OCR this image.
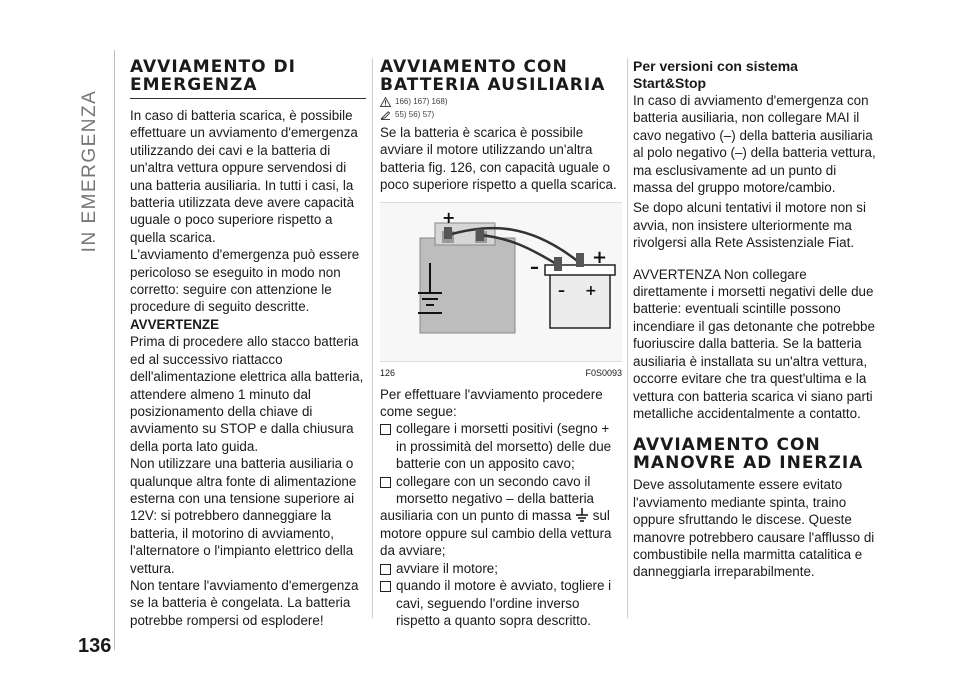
IN EMERGENZA
136
AVVIAMENTO DI
EMERGENZA

In caso di batteria scarica, è possibile effettuare un avviamento d'emergenza utilizzando dei cavi e la batteria di un'altra vettura oppure servendosi di una batteria ausiliaria. In tutti i casi, la batteria utilizzata deve avere capacità uguale o poco superiore rispetto a quella scarica.

L'avviamento d'emergenza può essere pericoloso se eseguito in modo non corretto: seguire con attenzione le procedure di seguito descritte.

AVVERTENZE

Prima di procedere allo stacco batteria ed al successivo riattacco dell'alimentazione elettrica alla batteria, attendere almeno 1 minuto dal posizionamento della chiave di avviamento su STOP e dalla chiusura della porta lato guida.

Non utilizzare una batteria ausiliaria o qualunque altra fonte di alimentazione esterna con una tensione superiore ai 12V: si potrebbero danneggiare la batteria, il motorino di avviamento, l'alternatore o l'impianto elettrico della vettura.

Non tentare l'avviamento d'emergenza se la batteria è congelata. La batteria potrebbe rompersi od esplodere!

AVVIAMENTO CON
BATTERIA AUSILIARIA
166) 167) 168)
55) 56) 57)

Se la batteria è scarica è possibile avviare il motore utilizzando un'altra batteria fig. 126, con capacità uguale o poco superiore rispetto a quella scarica.

+
– +
–	+
126	F0S0093

Per effettuare l'avviamento procedere come segue:

collegare i morsetti positivi (segno + in prossimità del morsetto) delle due batterie con un apposito cavo;

collegare con un secondo cavo il morsetto negativo – della batteria

ausiliaria con un punto di massa sul motore oppure sul cambio della vettura da avviare;

avviare il motore;

quando il motore è avviato, togliere i cavi, seguendo l'ordine inverso rispetto a quanto sopra descritto.

Per versioni con sistema
Start&Stop

In caso di avviamento d'emergenza con batteria ausiliaria, non collegare MAI il cavo negativo (–) della batteria ausiliaria al polo negativo (–) della batteria vettura, ma esclusivamente ad un punto di massa del gruppo motore/cambio.

Se dopo alcuni tentativi il motore non si avvia, non insistere ulteriormente ma rivolgersi alla Rete Assistenziale Fiat.

AVVERTENZA Non collegare direttamente i morsetti negativi delle due batterie: eventuali scintille possono incendiare il gas detonante che potrebbe fuoriuscire dalla batteria. Se la batteria ausiliaria è installata su un'altra vettura, occorre evitare che tra quest'ultima e la vettura con batteria scarica vi siano parti metalliche accidentalmente a contatto.

AVVIAMENTO CON
MANOVRE AD INERZIA

Deve assolutamente essere evitato l'avviamento mediante spinta, traino oppure sfruttando le discese. Queste manovre potrebbero causare l'afflusso di combustibile nella marmitta catalitica e danneggiarla irreparabilmente.
